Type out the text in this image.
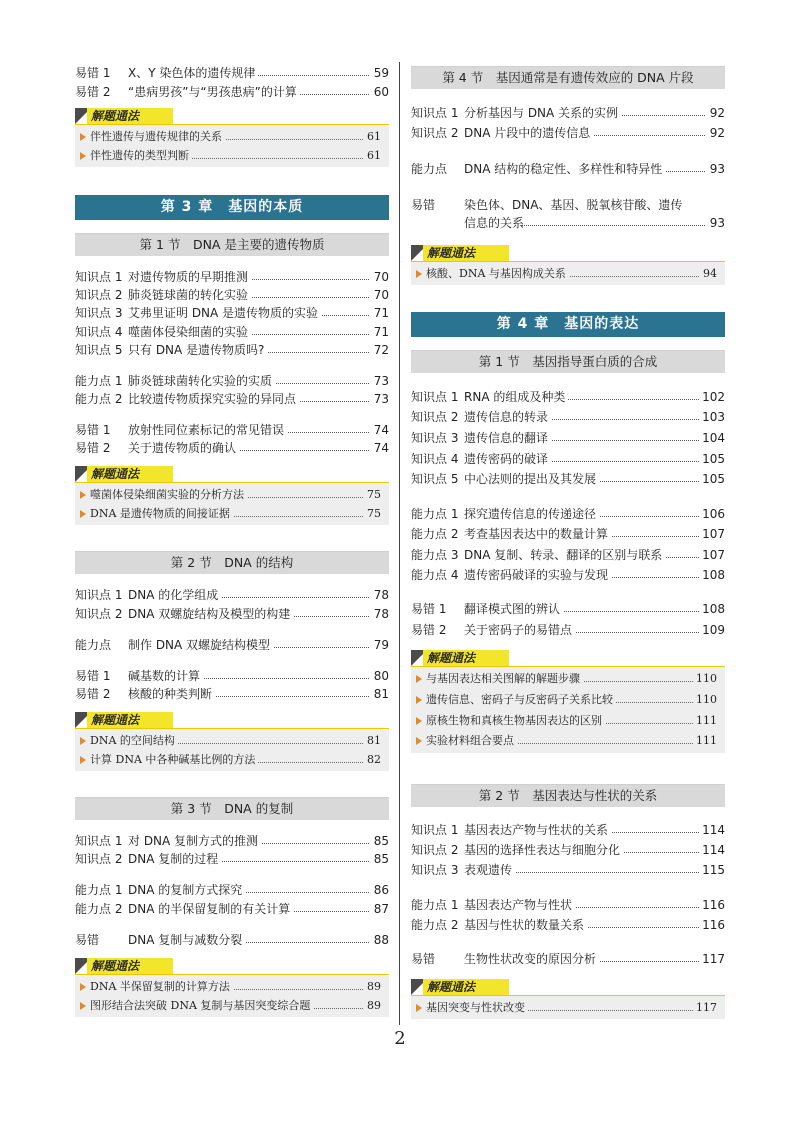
易错 1 X、Y 染色体的遗传规律	59
易错 2 “患病男孩”与“男孩患病”的计算	60
解题通法
伴性遗传与遗传规律的关系	61
伴性遗传的类型判断	61
第 3 章　基因的本质
第 1 节　DNA 是主要的遗传物质
知识点 1 对遗传物质的早期推测	70
知识点 2 肺炎链球菌的转化实验	70
知识点 3 艾弗里证明 DNA 是遗传物质的实验	71
知识点 4 噬菌体侵染细菌的实验	71
知识点 5 只有 DNA 是遗传物质吗?	72
能力点 1 肺炎链球菌转化实验的实质	73
能力点 2 比较遗传物质探究实验的异同点	73
易错 1 放射性同位素标记的常见错误	74
易错 2 关于遗传物质的确认	74
解题通法
噬菌体侵染细菌实验的分析方法	75
DNA 是遗传物质的间接证据	75
第 2 节　DNA 的结构
知识点 1 DNA 的化学组成	78
知识点 2 DNA 双螺旋结构及模型的构建	78
能力点 制作 DNA 双螺旋结构模型	79
易错 1 碱基数的计算	80
易错 2 核酸的种类判断	81
解题通法
DNA 的空间结构	81
计算 DNA 中各种碱基比例的方法	82
第 3 节　DNA 的复制
知识点 1 对 DNA 复制方式的推测	85
知识点 2 DNA 复制的过程	85
能力点 1 DNA 的复制方式探究	86
能力点 2 DNA 的半保留复制的有关计算	87
易错 DNA 复制与减数分裂	88
解题通法
DNA 半保留复制的计算方法	89
图形结合法突破 DNA 复制与基因突变综合题	89
第 4 节　基因通常是有遗传效应的 DNA 片段
知识点 1 分析基因与 DNA 关系的实例	92
知识点 2 DNA 片段中的遗传信息	92
能力点 DNA 结构的稳定性、多样性和特异性	93
易错 染色体、DNA、基因、脱氧核苷酸、遗传信息的关系	93
解题通法
核酸、DNA 与基因构成关系	94
第 4 章　基因的表达
第 1 节　基因指导蛋白质的合成
知识点 1 RNA 的组成及种类	102
知识点 2 遗传信息的转录	103
知识点 3 遗传信息的翻译	104
知识点 4 遗传密码的破译	105
知识点 5 中心法则的提出及其发展	105
能力点 1 探究遗传信息的传递途径	106
能力点 2 考查基因表达中的数量计算	107
能力点 3 DNA 复制、转录、翻译的区别与联系	107
能力点 4 遗传密码破译的实验与发现	108
易错 1 翻译模式图的辨认	108
易错 2 关于密码子的易错点	109
解题通法
与基因表达相关图解的解题步骤	110
遗传信息、密码子与反密码子关系比较	110
原核生物和真核生物基因表达的区别	111
实验材料组合要点	111
第 2 节　基因表达与性状的关系
知识点 1 基因表达产物与性状的关系	114
知识点 2 基因的选择性表达与细胞分化	114
知识点 3 表观遗传	115
能力点 1 基因表达产物与性状	116
能力点 2 基因与性状的数量关系	116
易错 生物性状改变的原因分析	117
解题通法
基因突变与性状改变	117
2
